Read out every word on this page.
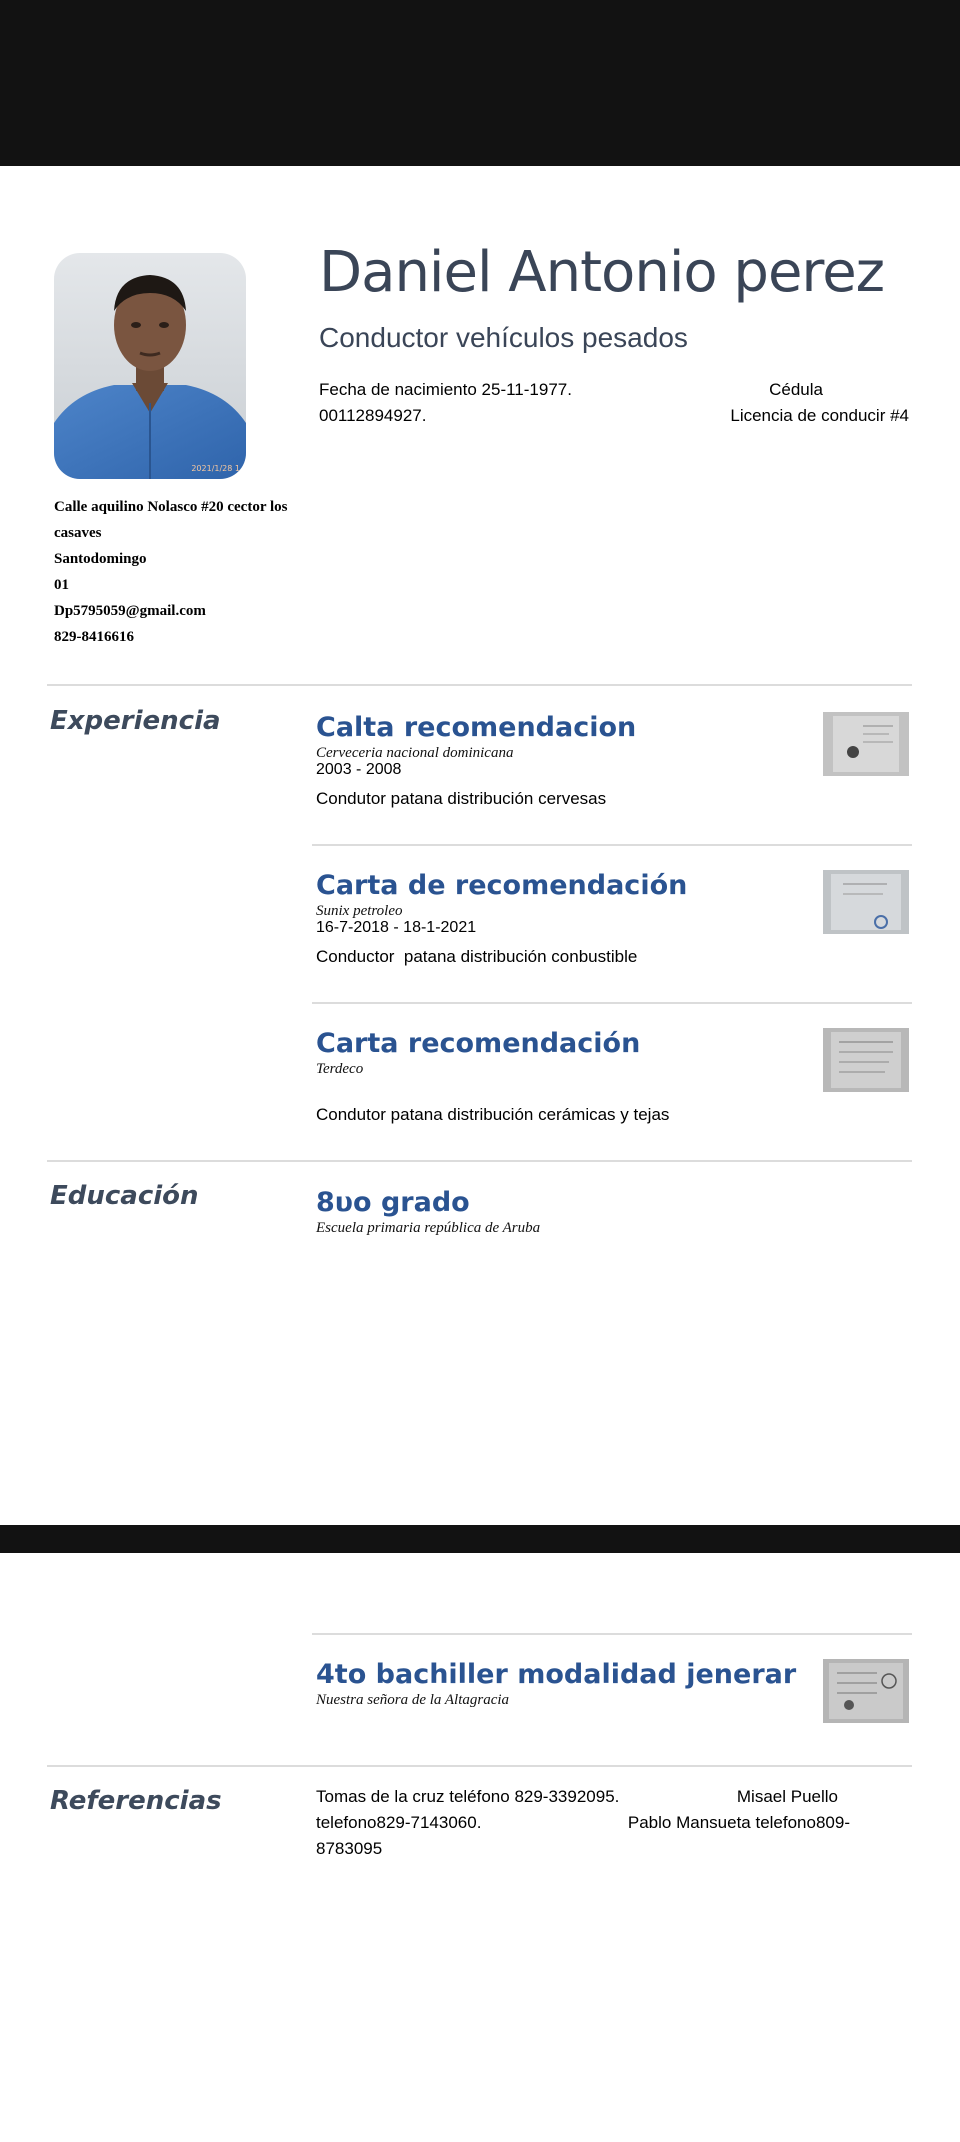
2021/1/28 1
Calle aquilino Nolasco #20 cector los
casaves
Santodomingo
01
Dp5795059@gmail.com
829-8416616
Daniel Antonio perez
Conductor vehículos pesados
Fecha de nacimiento 25-11-1977.	Cédula
00112894927.	Licencia de conducir #4
Experiencia	Calta recomendacion
Cerveceria nacional dominicana
2003 - 2008
Condutor patana distribución cervesas
Carta de recomendación
Sunix petroleo
16-7-2018 - 18-1-2021
Conductor  patana distribución conbustible
Carta recomendación
Terdeco
Condutor patana distribución cerámicas y tejas
Educación	8υo grado
Escuela primaria república de Aruba
4to bachiller modalidad jenerar
Nuestra señora de la Altagracia
Referencias	Tomas de la cruz teléfono 829-3392095.	Misael Puello
telefono829-7143060.	Pablo Mansueta telefono809-
8783095
